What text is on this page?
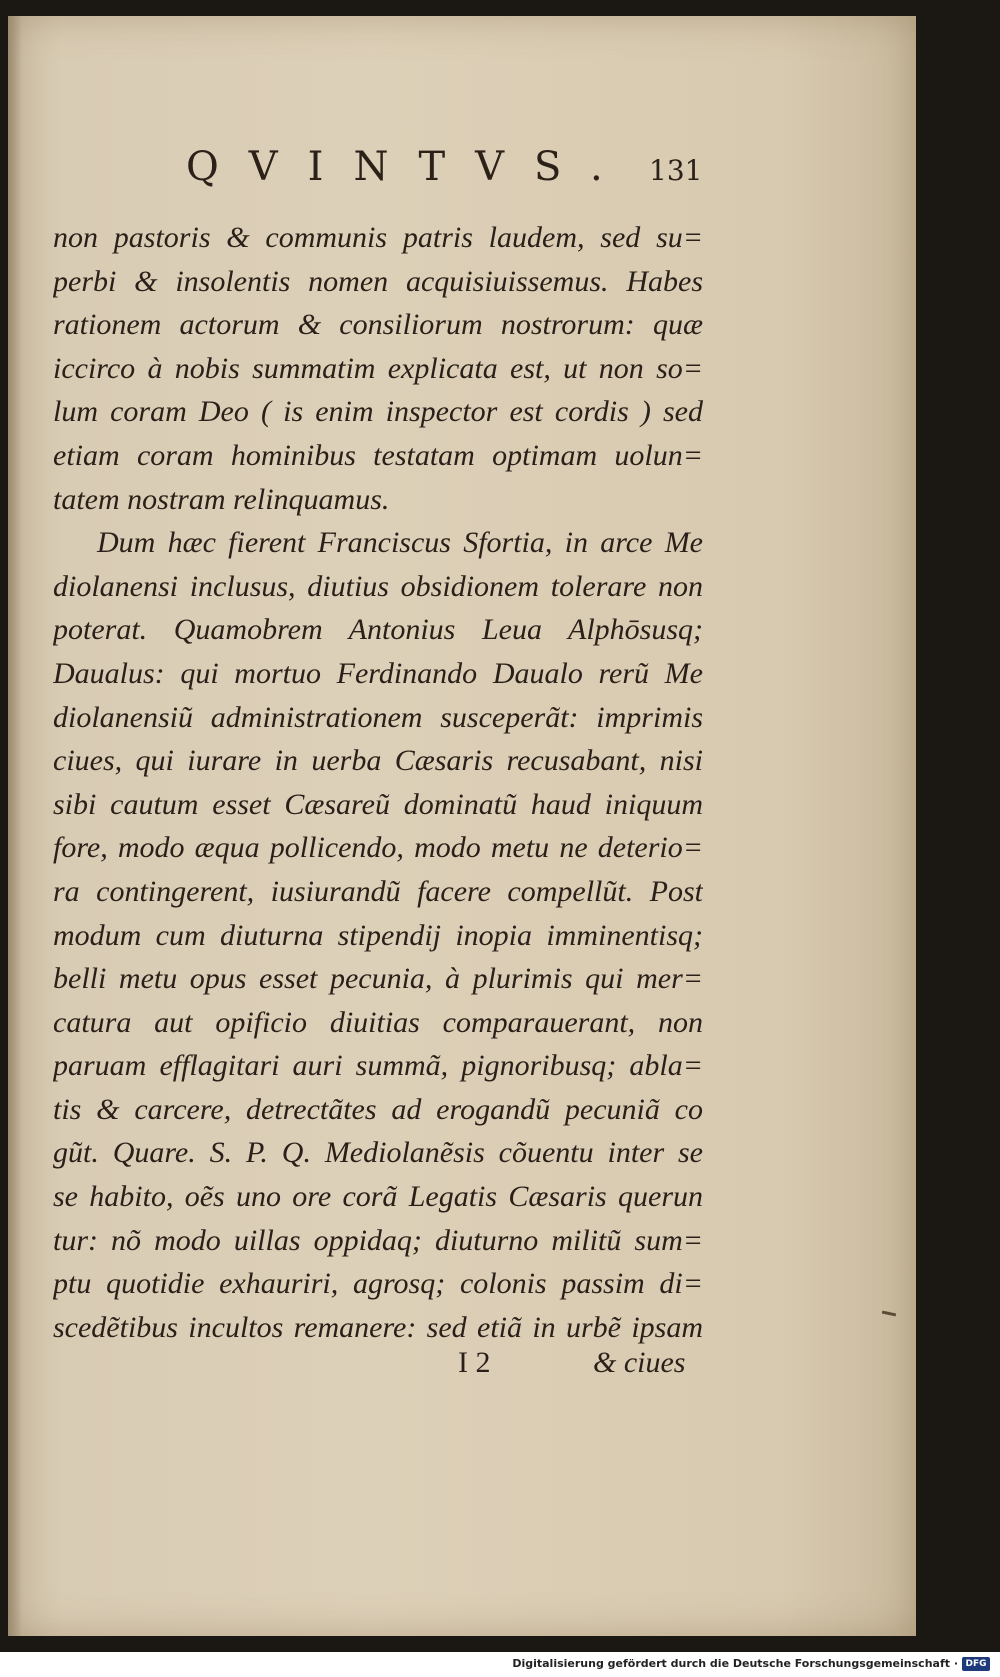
QVINTVS. 131
non pastoris & communis patris laudem, sed su=
perbi & insolentis nomen acquisiuissemus. Habes
rationem actorum & consiliorum nostrorum: quæ
iccirco à nobis summatim explicata est, ut non so=
lum coram Deo ( is enim inspector est cordis ) sed
etiam coram hominibus testatam optimam uolun=
tatem nostram relinquamus.
Dum hæc fierent Franciscus Sfortia, in arce Me
diolanensi inclusus, diutius obsidionem tolerare non
poterat. Quamobrem Antonius Leua Alphōsusq;
Daualus: qui mortuo Ferdinando Daualo rerũ Me
diolanensiũ administrationem susceperãt: imprimis
ciues, qui iurare in uerba Cæsaris recusabant, nisi
sibi cautum esset Cæsareũ dominatũ haud iniquum
fore, modo æqua pollicendo, modo metu ne deterio=
ra contingerent, iusiurandũ facere compellũt. Post
modum cum diuturna stipendij inopia imminentisq;
belli metu opus esset pecunia, à plurimis qui mer=
catura aut opificio diuitias comparauerant, non
paruam efflagitari auri summã, pignoribusq; abla=
tis & carcere, detrectãtes ad erogandũ pecuniã co
gũt. Quare. S. P. Q. Mediolanẽsis cõuentu inter se
se habito, oẽs uno ore corã Legatis Cæsaris querun
tur: nõ modo uillas oppidaq; diuturno militũ sum=
ptu quotidie exhauriri, agrosq; colonis passim di=
scedẽtibus incultos remanere: sed etiã in urbẽ ipsam
I 2	& ciues
Digitalisierung gefördert durch die Deutsche Forschungsgemeinschaft · DFG
